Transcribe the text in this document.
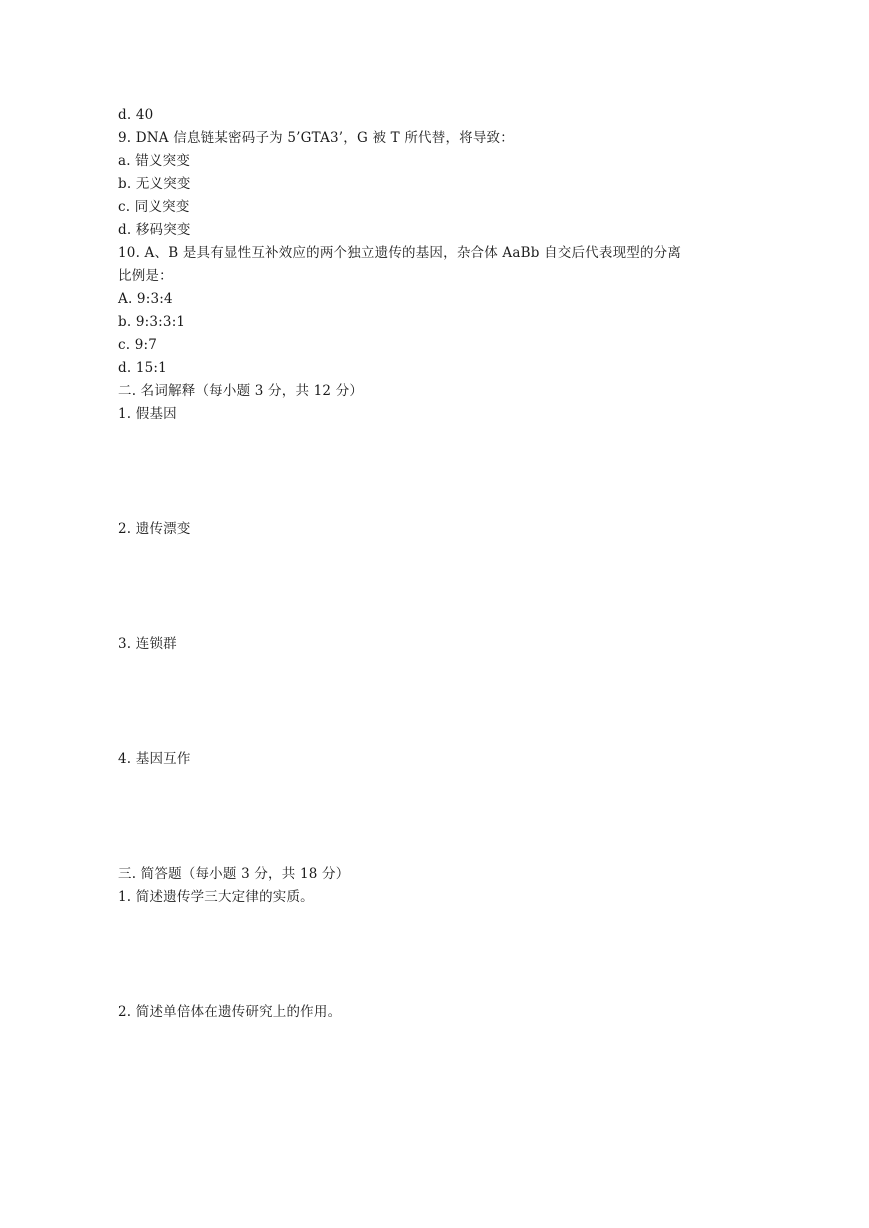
d. 40
9. DNA 信息链某密码子为 5’GTA3’，G 被 T 所代替，将导致：
a. 错义突变
b. 无义突变
c. 同义突变
d. 移码突变
10. A、B 是具有显性互补效应的两个独立遗传的基因，杂合体 AaBb 自交后代表现型的分离
比例是：
A. 9:3:4
b. 9:3:3:1
c. 9:7
d. 15:1
二. 名词解释（每小题 3 分，共 12 分）
1. 假基因
2. 遗传漂变
3. 连锁群
4. 基因互作
三. 简答题（每小题 3 分，共 18 分）
1. 简述遗传学三大定律的实质。
2. 简述单倍体在遗传研究上的作用。
